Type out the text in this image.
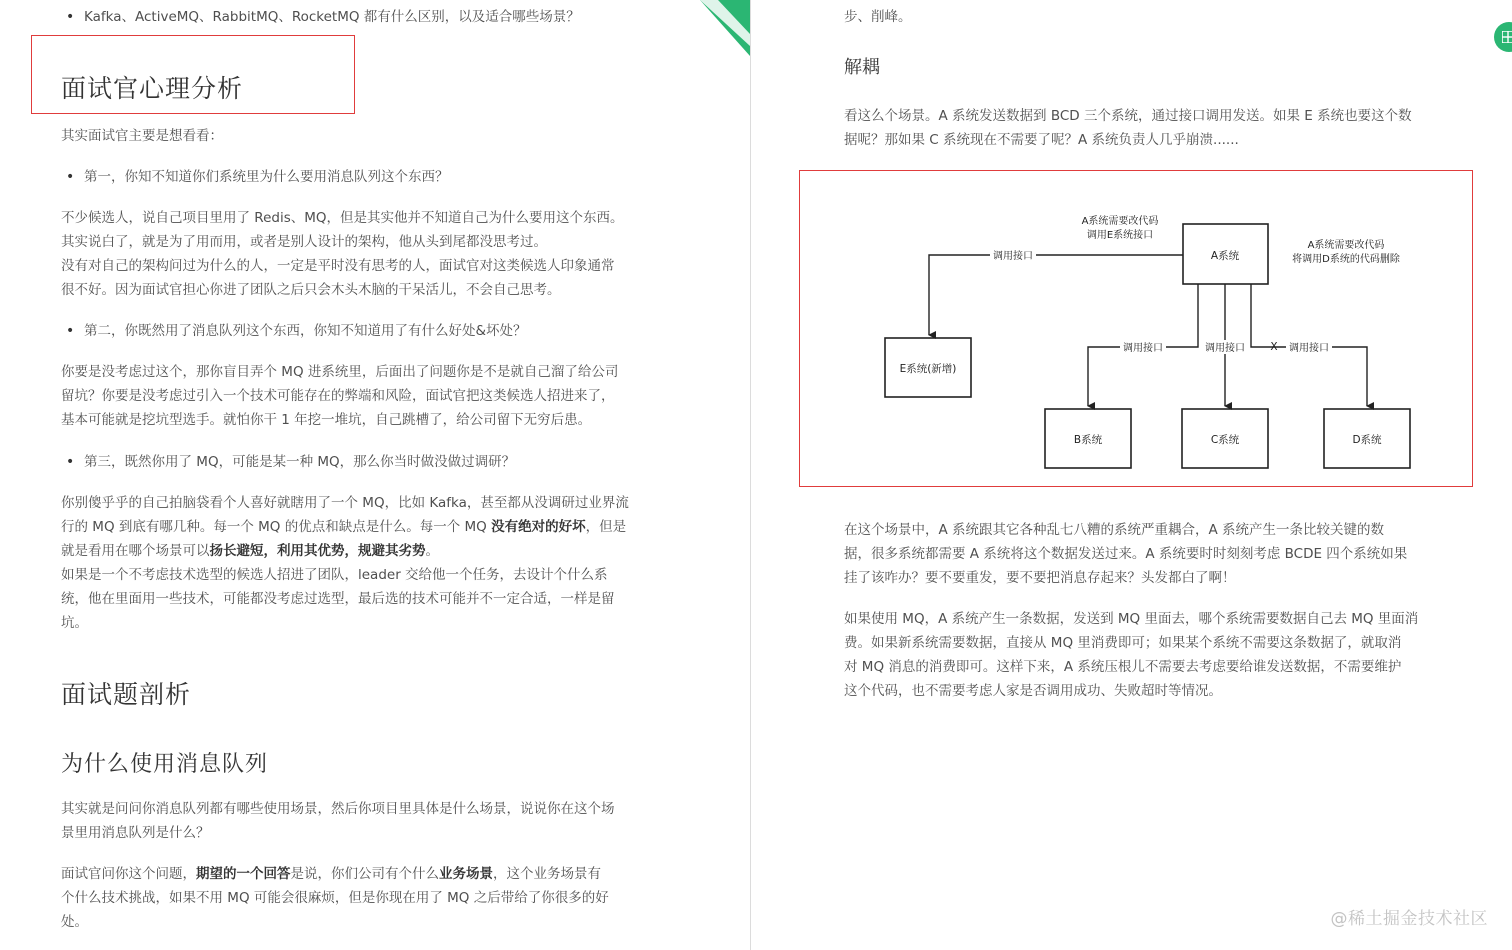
• Kafka、ActiveMQ、RabbitMQ、RocketMQ 都有什么区别，以及适合哪些场景？

面试官心理分析

其实面试官主要是想看看：

• 第一，你知不知道你们系统里为什么要用消息队列这个东西？

不少候选人，说自己项目里用了 Redis、MQ，但是其实他并不知道自己为什么要用这个东西。

其实说白了，就是为了用而用，或者是别人设计的架构，他从头到尾都没思考过。

没有对自己的架构问过为什么的人，一定是平时没有思考的人，面试官对这类候选人印象通常

很不好。因为面试官担心你进了团队之后只会木头木脑的干呆活儿，不会自己思考。

• 第二，你既然用了消息队列这个东西，你知不知道用了有什么好处&坏处？

你要是没考虑过这个，那你盲目弄个 MQ 进系统里，后面出了问题你是不是就自己溜了给公司

留坑？你要是没考虑过引入一个技术可能存在的弊端和风险，面试官把这类候选人招进来了，

基本可能就是挖坑型选手。就怕你干 1 年挖一堆坑，自己跳槽了，给公司留下无穷后患。

• 第三，既然你用了 MQ，可能是某一种 MQ，那么你当时做没做过调研？

你别傻乎乎的自己拍脑袋看个人喜好就瞎用了一个 MQ，比如 Kafka，甚至都从没调研过业界流

行的 MQ 到底有哪几种。每一个 MQ 的优点和缺点是什么。每一个 MQ 没有绝对的好坏，但是

就是看用在哪个场景可以扬长避短，利用其优势，规避其劣势。

如果是一个不考虑技术选型的候选人招进了团队，leader 交给他一个任务，去设计个什么系

统，他在里面用一些技术，可能都没考虑过选型，最后选的技术可能并不一定合适，一样是留

坑。

面试题剖析
为什么使用消息队列

其实就是问问你消息队列都有哪些使用场景，然后你项目里具体是什么场景，说说你在这个场

景里用消息队列是什么？

面试官问你这个问题，期望的一个回答是说，你们公司有个什么业务场景，这个业务场景有

个什么技术挑战，如果不用 MQ 可能会很麻烦，但是你现在用了 MQ 之后带给了你很多的好

处。

步、削峰。

解耦

看这么个场景。A 系统发送数据到 BCD 三个系统，通过接口调用发送。如果 E 系统也要这个数

据呢？那如果 C 系统现在不需要了呢？A 系统负责人几乎崩溃......

在这个场景中，A 系统跟其它各种乱七八糟的系统严重耦合，A 系统产生一条比较关键的数

据，很多系统都需要 A 系统将这个数据发送过来。A 系统要时时刻刻考虑 BCDE 四个系统如果

挂了该咋办？要不要重发，要不要把消息存起来？头发都白了啊！

如果使用 MQ，A 系统产生一条数据，发送到 MQ 里面去，哪个系统需要数据自己去 MQ 里面消

费。如果新系统需要数据，直接从 MQ 里消费即可；如果某个系统不需要这条数据了，就取消

对 MQ 消息的消费即可。这样下来，A 系统压根儿不需要去考虑要给谁发送数据，不需要维护

这个代码，也不需要考虑人家是否调用成功、失败超时等情况。

A系统
E系统(新增)
B系统	C系统	D系统
调用接口
调用接口	调用接口	调用接口
X
A系统需要改代码
调用E系统接口
A系统需要改代码
将调用D系统的代码删除
@稀土掘金技术社区
